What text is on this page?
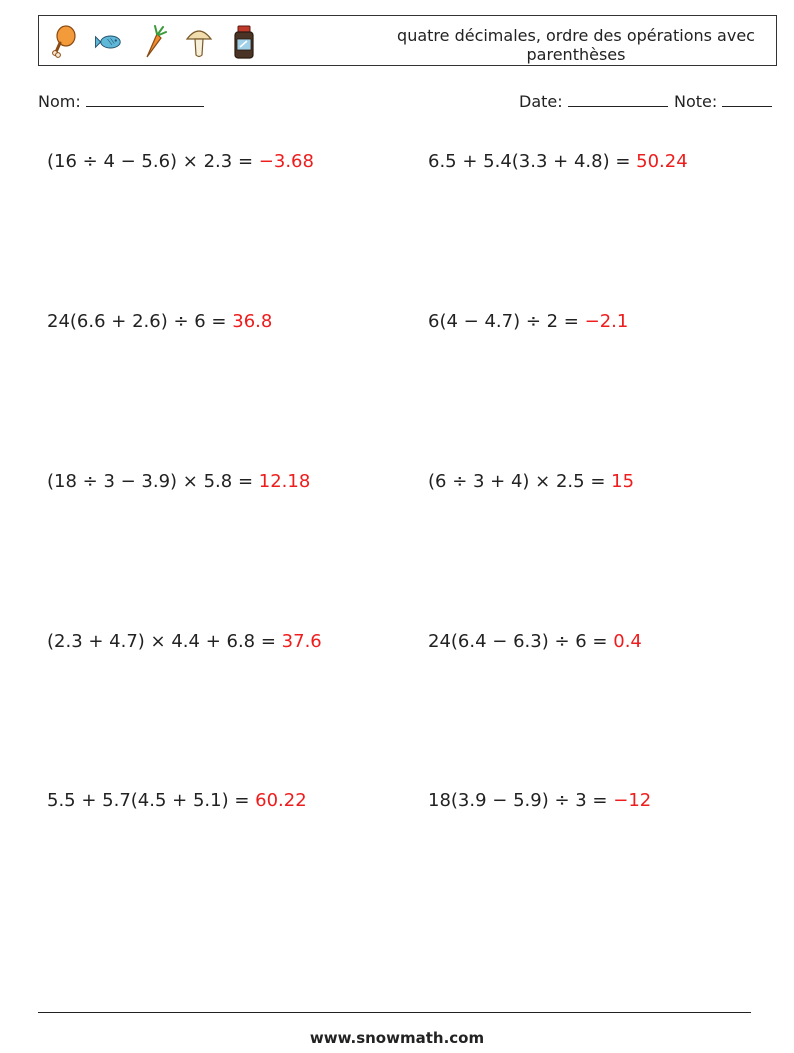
quatre décimales, ordre des opérations avec parenthèses
Nom:	Date:	Note:
(16 ÷ 4 − 5.6) × 2.3 = −3.68	6.5 + 5.4(3.3 + 4.8) = 50.24
24(6.6 + 2.6) ÷ 6 = 36.8	6(4 − 4.7) ÷ 2 = −2.1
(18 ÷ 3 − 3.9) × 5.8 = 12.18	(6 ÷ 3 + 4) × 2.5 = 15
(2.3 + 4.7) × 4.4 + 6.8 = 37.6	24(6.4 − 6.3) ÷ 6 = 0.4
5.5 + 5.7(4.5 + 5.1) = 60.22	18(3.9 − 5.9) ÷ 3 = −12
www.snowmath.com
